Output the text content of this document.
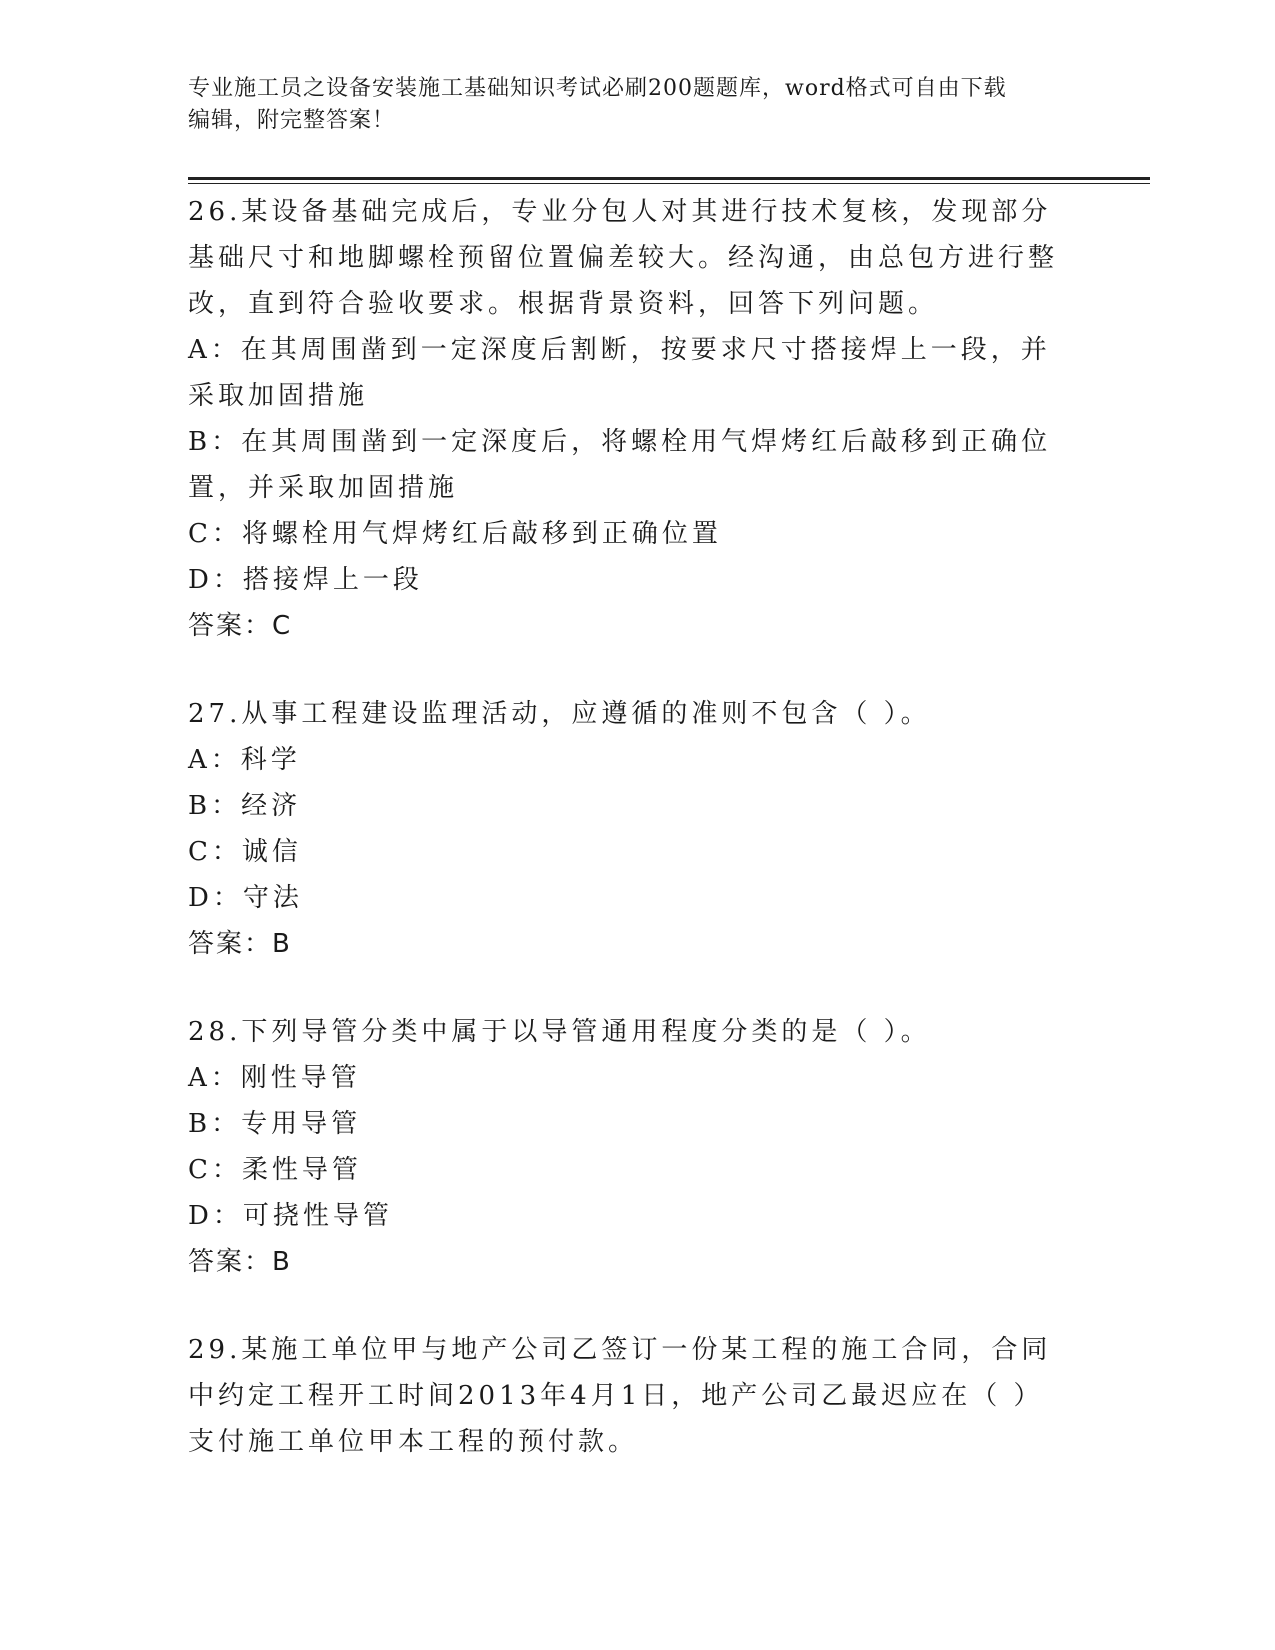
专业施工员之设备安装施工基础知识考试必刷200题题库，word格式可自由下载
编辑，附完整答案！

26.某设备基础完成后，专业分包人对其进行技术复核，发现部分基础尺寸和地脚螺栓预留位置偏差较大。经沟通，由总包方进行整改，直到符合验收要求。根据背景资料，回答下列问题。

A：在其周围凿到一定深度后割断，按要求尺寸搭接焊上一段，并采取加固措施

B：在其周围凿到一定深度后，将螺栓用气焊烤红后敲移到正确位置，并采取加固措施

C：将螺栓用气焊烤红后敲移到正确位置

D：搭接焊上一段

答案：C

27.从事工程建设监理活动，应遵循的准则不包含（ ）。

A：科学

B：经济

C：诚信

D：守法

答案：B

28.下列导管分类中属于以导管通用程度分类的是（ ）。

A：刚性导管

B：专用导管

C：柔性导管

D：可挠性导管

答案：B

29.某施工单位甲与地产公司乙签订一份某工程的施工合同，合同中约定工程开工时间2013年4月1日，地产公司乙最迟应在（ ）支付施工单位甲本工程的预付款。
